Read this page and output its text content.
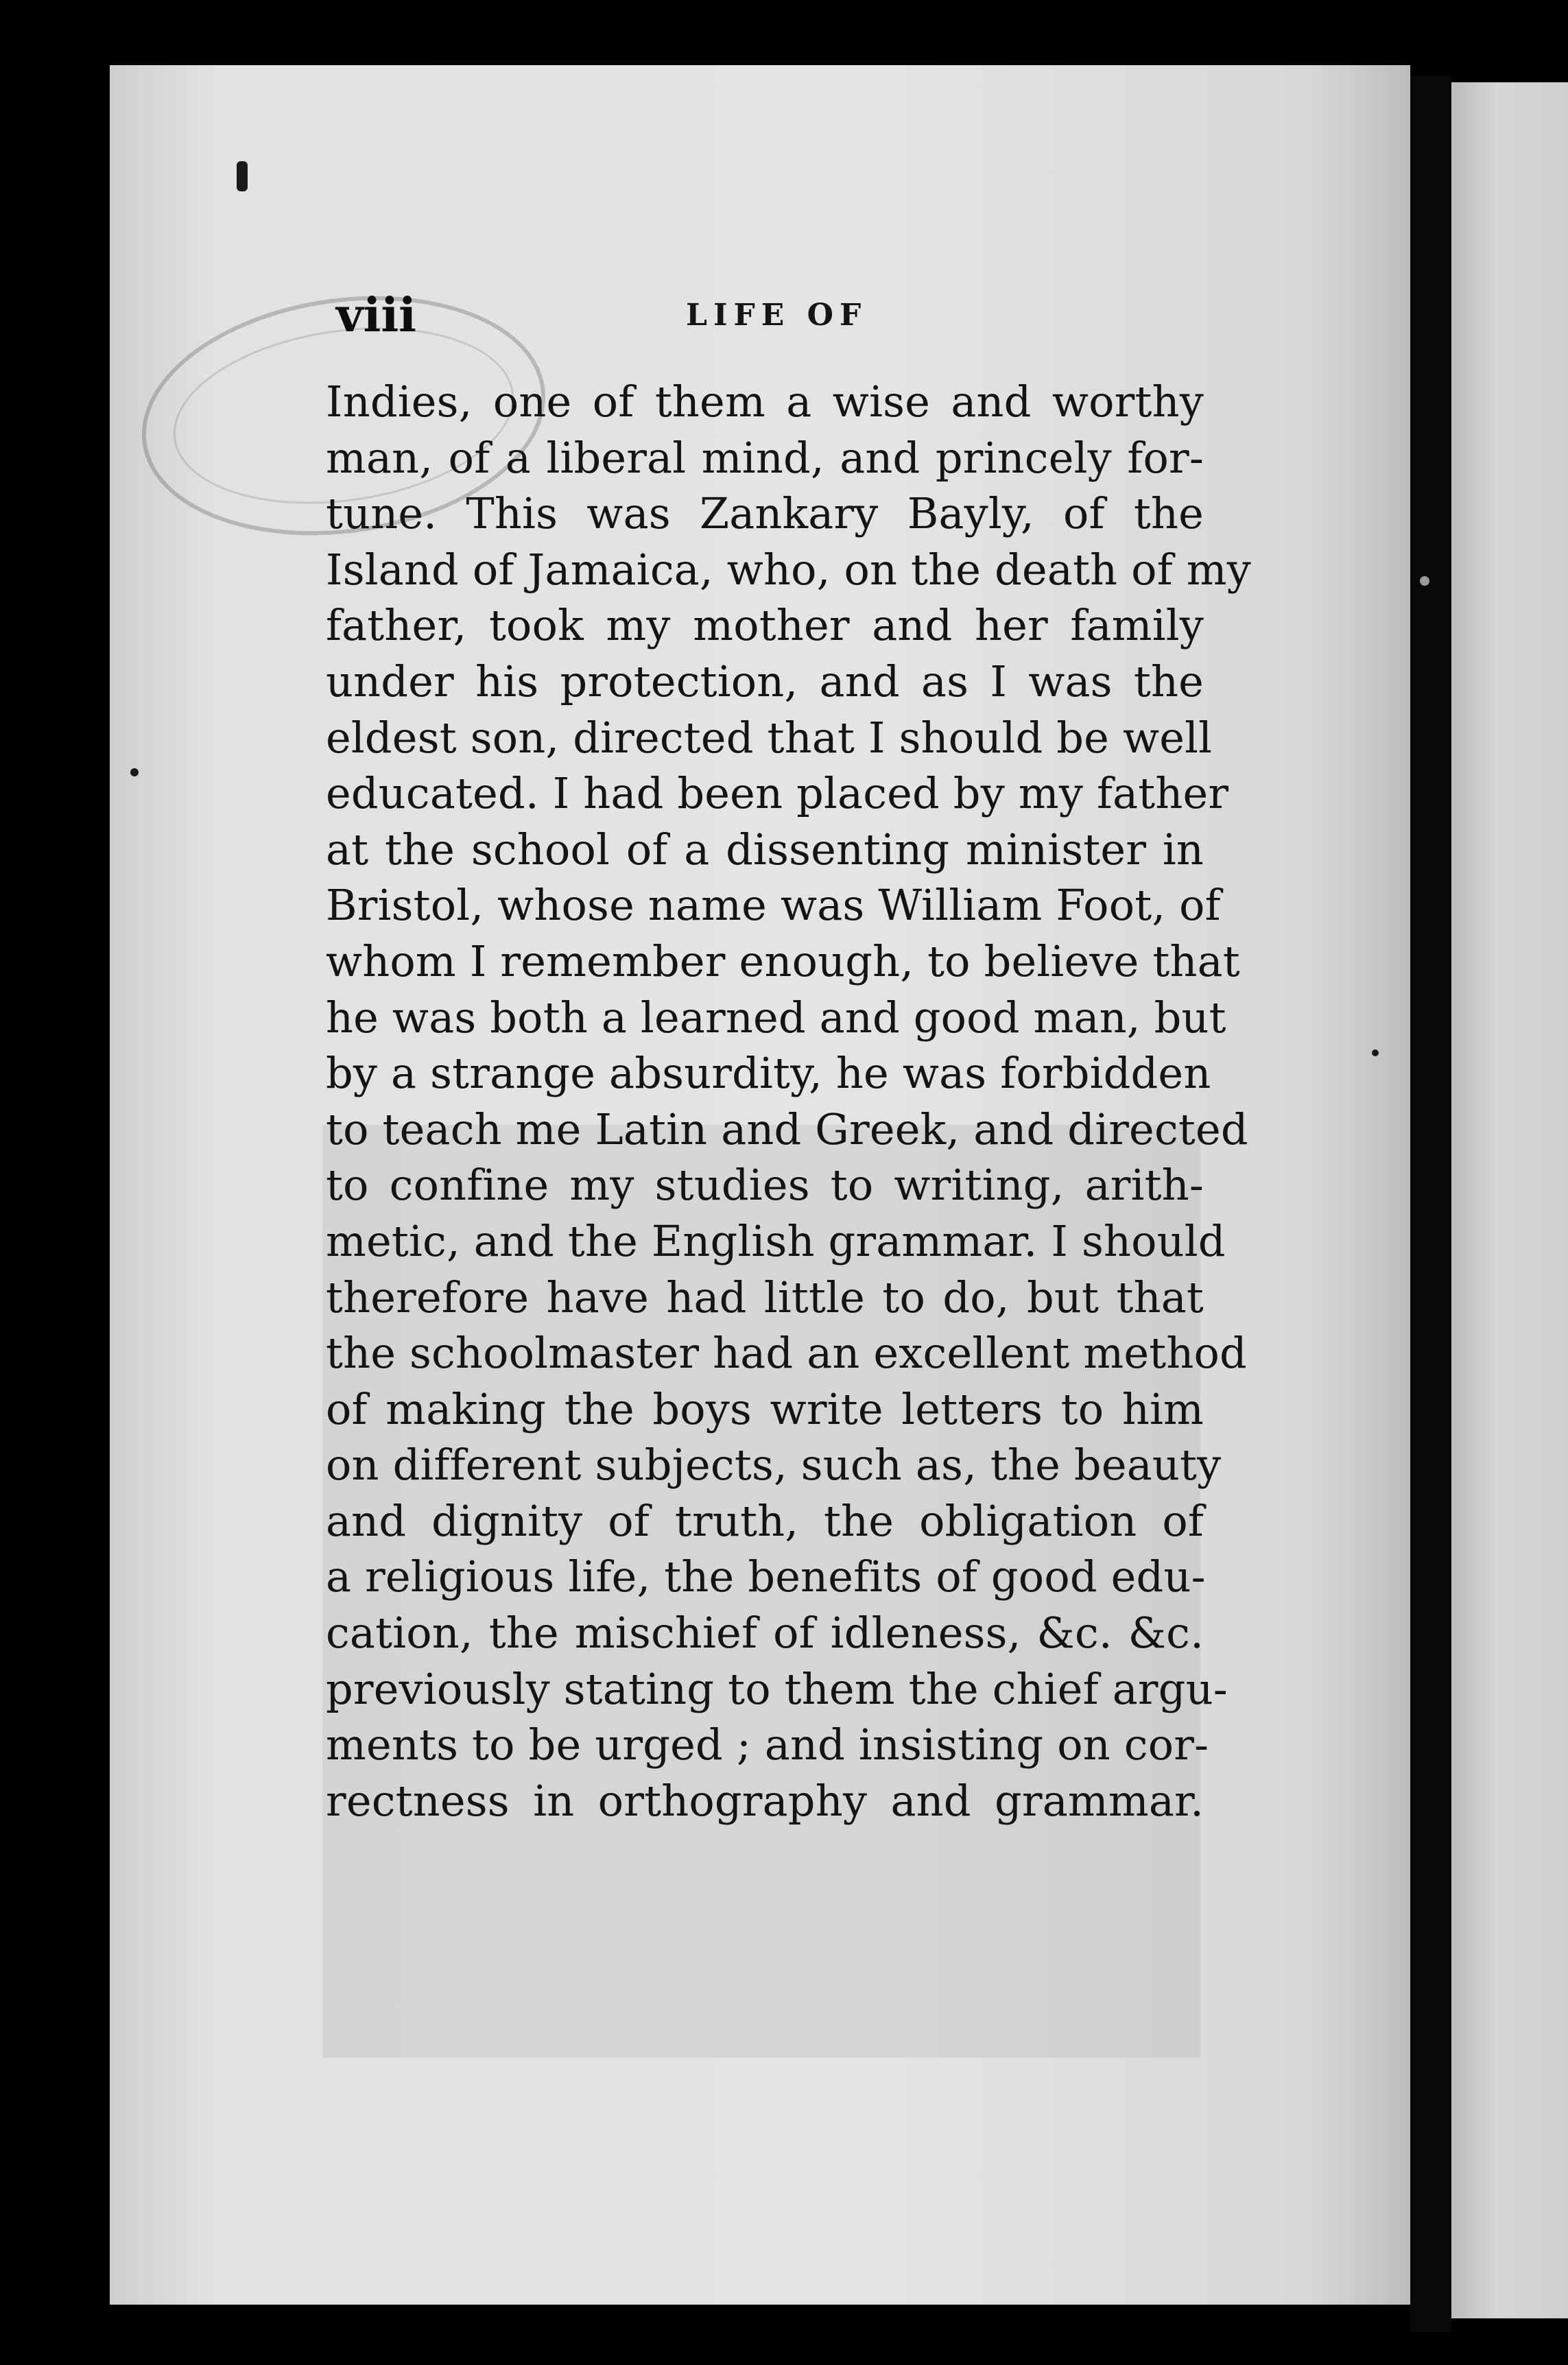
viii	LIFE OF
Indies, one of them a wise and worthy
man, of a liberal mind, and princely for-
tune. This was Zankary Bayly, of the
Island of Jamaica, who, on the death of my
father, took my mother and her family
under his protection, and as I was the
eldest son, directed that I should be well
educated. I had been placed by my father
at the school of a dissenting minister in
Bristol, whose name was William Foot, of
whom I remember enough, to believe that
he was both a learned and good man, but
by a strange absurdity, he was forbidden
to teach me Latin and Greek, and directed
to confine my studies to writing, arith-
metic, and the English grammar. I should
therefore have had little to do, but that
the schoolmaster had an excellent method
of making the boys write letters to him
on different subjects, such as, the beauty
and dignity of truth, the obligation of
a religious life, the benefits of good edu-
cation, the mischief of idleness, &c. &c.
previously stating to them the chief argu-
ments to be urged ; and insisting on cor-
rectness in orthography and grammar.
